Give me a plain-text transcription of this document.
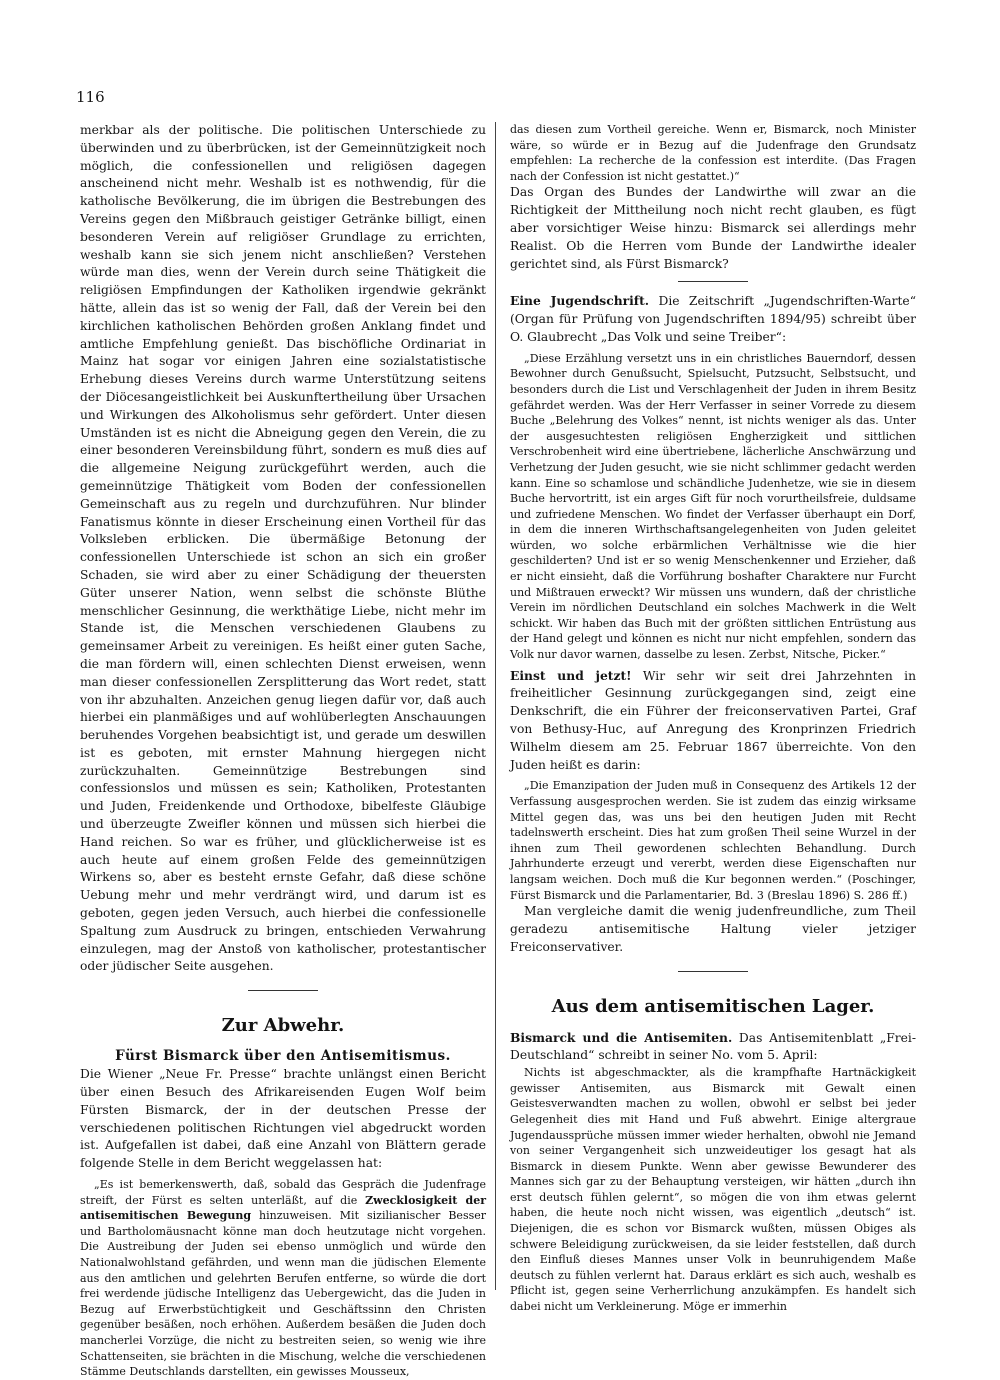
116

merkbar als der politische. Die politischen Unterschiede zu überwinden und zu überbrücken, ist der Gemeinnützigkeit noch möglich, die confessionellen und religiösen dagegen anscheinend nicht mehr. Weshalb ist es nothwendig, für die katholische Bevölkerung, die im übrigen die Bestrebungen des Vereins gegen den Mißbrauch geistiger Getränke billigt, einen besonderen Verein auf religiöser Grundlage zu errichten, weshalb kann sie sich jenem nicht anschließen? Verstehen würde man dies, wenn der Verein durch seine Thätigkeit die religiösen Empfindungen der Katholiken irgendwie gekränkt hätte, allein das ist so wenig der Fall, daß der Verein bei den kirchlichen katholischen Behörden großen Anklang findet und amtliche Empfehlung genießt. Das bischöfliche Ordinariat in Mainz hat sogar vor einigen Jahren eine sozialstatistische Erhebung dieses Vereins durch warme Unterstützung seitens der Diöcesangeistlichkeit bei Auskunftertheilung über Ursachen und Wirkungen des Alkoholismus sehr gefördert. Unter diesen Umständen ist es nicht die Abneigung gegen den Verein, die zu einer besonderen Vereinsbildung führt, sondern es muß dies auf die allgemeine Neigung zurückgeführt werden, auch die gemeinnützige Thätigkeit vom Boden der confessionellen Gemeinschaft aus zu regeln und durchzuführen. Nur blinder Fanatismus könnte in dieser Erscheinung einen Vortheil für das Volksleben erblicken. Die übermäßige Betonung der confessionellen Unterschiede ist schon an sich ein großer Schaden, sie wird aber zu einer Schädigung der theuersten Güter unserer Nation, wenn selbst die schönste Blüthe menschlicher Gesinnung, die werkthätige Liebe, nicht mehr im Stande ist, die Menschen verschiedenen Glaubens zu gemeinsamer Arbeit zu vereinigen. Es heißt einer guten Sache, die man fördern will, einen schlechten Dienst erweisen, wenn man dieser confessionellen Zersplitterung das Wort redet, statt von ihr abzuhalten. Anzeichen genug liegen dafür vor, daß auch hierbei ein planmäßiges und auf wohlüberlegten Anschauungen beruhendes Vorgehen beabsichtigt ist, und gerade um deswillen ist es geboten, mit ernster Mahnung hiergegen nicht zurückzuhalten. Gemeinnützige Bestrebungen sind confessionslos und müssen es sein; Katholiken, Protestanten und Juden, Freidenkende und Orthodoxe, bibelfeste Gläubige und überzeugte Zweifler können und müssen sich hierbei die Hand reichen. So war es früher, und glücklicherweise ist es auch heute auf einem großen Felde des gemeinnützigen Wirkens so, aber es besteht ernste Gefahr, daß diese schöne Uebung mehr und mehr verdrängt wird, und darum ist es geboten, gegen jeden Versuch, auch hierbei die confessionelle Spaltung zum Ausdruck zu bringen, entschieden Verwahrung einzulegen, mag der Anstoß von katholischer, protestantischer oder jüdischer Seite ausgehen.

Zur Abwehr.
Fürst Bismarck über den Antisemitismus.

Die Wiener „Neue Fr. Presse“ brachte unlängst einen Bericht über einen Besuch des Afrikareisenden Eugen Wolf beim Fürsten Bismarck, der in der deutschen Presse der verschiedenen politischen Richtungen viel abgedruckt worden ist. Aufgefallen ist dabei, daß eine Anzahl von Blättern gerade folgende Stelle in dem Bericht weggelassen hat:

„Es ist bemerkenswerth, daß, sobald das Gespräch die Judenfrage streift, der Fürst es selten unterläßt, auf die Zwecklosigkeit der antisemitischen Bewegung hinzuweisen. Mit sizilianischer Besser und Bartholomäusnacht könne man doch heutzutage nicht vorgehen. Die Austreibung der Juden sei ebenso unmöglich und würde den Nationalwohlstand gefährden, und wenn man die jüdischen Elemente aus den amtlichen und gelehrten Berufen entferne, so würde die dort frei werdende jüdische Intelligenz das Uebergewicht, das die Juden in Bezug auf Erwerbstüchtigkeit und Geschäftssinn den Christen gegenüber besäßen, noch erhöhen. Außerdem besäßen die Juden doch mancherlei Vorzüge, die nicht zu bestreiten seien, so wenig wie ihre Schattenseiten, sie brächten in die Mischung, welche die verschiedenen Stämme Deutschlands darstellten, ein gewisses Mousseux,

das diesen zum Vortheil gereiche. Wenn er, Bismarck, noch Minister wäre, so würde er in Bezug auf die Judenfrage den Grundsatz empfehlen: La recherche de la confession est interdite. (Das Fragen nach der Confession ist nicht gestattet.)“

Das Organ des Bundes der Landwirthe will zwar an die Richtigkeit der Mittheilung noch nicht recht glauben, es fügt aber vorsichtiger Weise hinzu: Bismarck sei allerdings mehr Realist. Ob die Herren vom Bunde der Landwirthe idealer gerichtet sind, als Fürst Bismarck?

Eine Jugendschrift. Die Zeitschrift „Jugendschriften-Warte“ (Organ für Prüfung von Jugendschriften 1894/95) schreibt über O. Glaubrecht „Das Volk und seine Treiber“:

„Diese Erzählung versetzt uns in ein christliches Bauerndorf, dessen Bewohner durch Genußsucht, Spielsucht, Putzsucht, Selbstsucht, und besonders durch die List und Verschlagenheit der Juden in ihrem Besitz gefährdet werden. Was der Herr Verfasser in seiner Vorrede zu diesem Buche „Belehrung des Volkes“ nennt, ist nichts weniger als das. Unter der ausgesuchtesten religiösen Engherzigkeit und sittlichen Verschrobenheit wird eine übertriebene, lächerliche Anschwärzung und Verhetzung der Juden gesucht, wie sie nicht schlimmer gedacht werden kann. Eine so schamlose und schändliche Judenhetze, wie sie in diesem Buche hervortritt, ist ein arges Gift für noch vorurtheilsfreie, duldsame und zufriedene Menschen. Wo findet der Verfasser überhaupt ein Dorf, in dem die inneren Wirthschaftsangelegenheiten von Juden geleitet würden, wo solche erbärmlichen Verhältnisse wie die hier geschilderten? Und ist er so wenig Menschenkenner und Erzieher, daß er nicht einsieht, daß die Vorführung boshafter Charaktere nur Furcht und Mißtrauen erweckt? Wir müssen uns wundern, daß der christliche Verein im nördlichen Deutschland ein solches Machwerk in die Welt schickt. Wir haben das Buch mit der größten sittlichen Entrüstung aus der Hand gelegt und können es nicht nur nicht empfehlen, sondern das Volk nur davor warnen, dasselbe zu lesen. Zerbst, Nitsche, Picker.“

Einst und jetzt! Wir sehr wir seit drei Jahrzehnten in freiheitlicher Gesinnung zurückgegangen sind, zeigt eine Denkschrift, die ein Führer der freiconservativen Partei, Graf von Bethusy-Huc, auf Anregung des Kronprinzen Friedrich Wilhelm diesem am 25. Februar 1867 überreichte. Von den Juden heißt es darin:

„Die Emanzipation der Juden muß in Consequenz des Artikels 12 der Verfassung ausgesprochen werden. Sie ist zudem das einzig wirksame Mittel gegen das, was uns bei den heutigen Juden mit Recht tadelnswerth erscheint. Dies hat zum großen Theil seine Wurzel in der ihnen zum Theil gewordenen schlechten Behandlung. Durch Jahrhunderte erzeugt und vererbt, werden diese Eigenschaften nur langsam weichen. Doch muß die Kur begonnen werden.“ (Poschinger, Fürst Bismarck und die Parlamentarier, Bd. 3 (Breslau 1896) S. 286 ff.)

Man vergleiche damit die wenig judenfreundliche, zum Theil geradezu antisemitische Haltung vieler jetziger Freiconservativer.

Aus dem antisemitischen Lager.

Bismarck und die Antisemiten. Das Antisemitenblatt „Frei-Deutschland“ schreibt in seiner No. vom 5. April:

Nichts ist abgeschmackter, als die krampfhafte Hartnäckigkeit gewisser Antisemiten, aus Bismarck mit Gewalt einen Geistesverwandten machen zu wollen, obwohl er selbst bei jeder Gelegenheit dies mit Hand und Fuß abwehrt. Einige altergraue Jugendaussprüche müssen immer wieder herhalten, obwohl nie Jemand von seiner Vergangenheit sich unzweideutiger los gesagt hat als Bismarck in diesem Punkte. Wenn aber gewisse Bewunderer des Mannes sich gar zu der Behauptung versteigen, wir hätten „durch ihn erst deutsch fühlen gelernt“, so mögen die von ihm etwas gelernt haben, die heute noch nicht wissen, was eigentlich „deutsch“ ist. Diejenigen, die es schon vor Bismarck wußten, müssen Obiges als schwere Beleidigung zurückweisen, da sie leider feststellen, daß durch den Einfluß dieses Mannes unser Volk in beunruhigendem Maße deutsch zu fühlen verlernt hat. Daraus erklärt es sich auch, weshalb es Pflicht ist, gegen seine Verherrlichung anzukämpfen. Es handelt sich dabei nicht um Verkleinerung. Möge er immerhin
